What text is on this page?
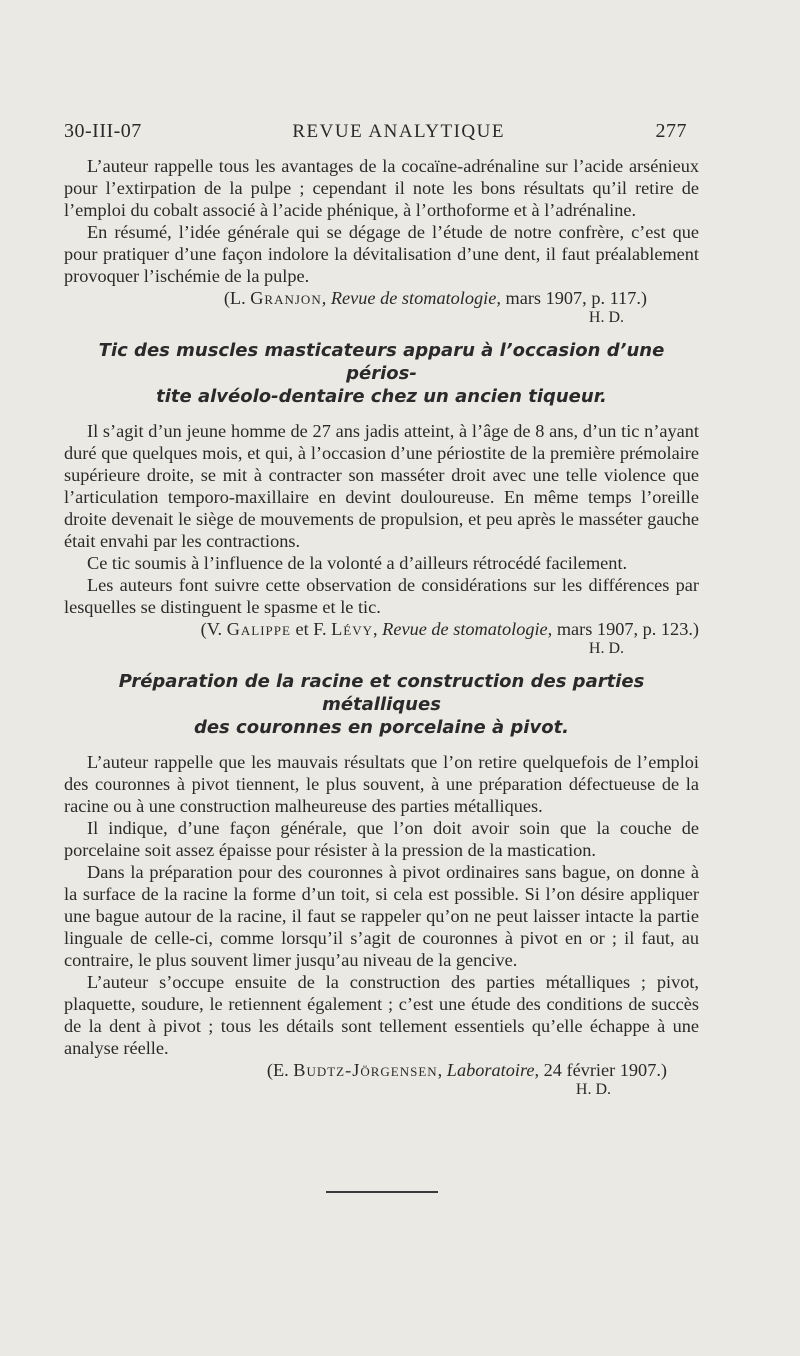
30-III-07	REVUE ANALYTIQUE	277

L’auteur rappelle tous les avantages de la cocaïne-adrénaline sur l’acide arsénieux pour l’extirpation de la pulpe ; cependant il note les bons résultats qu’il retire de l’emploi du cobalt associé à l’acide phénique, à l’orthoforme et à l’adrénaline.

En résumé, l’idée générale qui se dégage de l’étude de notre confrère, c’est que pour pratiquer d’une façon indolore la dévitalisation d’une dent, il faut préalablement provoquer l’ischémie de la pulpe.

(L. Granjon, Revue de stomatologie, mars 1907, p. 117.)
H. D.
Tic des muscles masticateurs apparu à l’occasion d’une périos-
tite alvéolo-dentaire chez un ancien tiqueur.

Il s’agit d’un jeune homme de 27 ans jadis atteint, à l’âge de 8 ans, d’un tic n’ayant duré que quelques mois, et qui, à l’occasion d’une périostite de la première prémolaire supérieure droite, se mit à contracter son masséter droit avec une telle violence que l’articulation temporo-maxillaire en devint douloureuse. En même temps l’oreille droite devenait le siège de mouvements de propulsion, et peu après le masséter gauche était envahi par les contractions.

Ce tic soumis à l’influence de la volonté a d’ailleurs rétrocédé facilement.

Les auteurs font suivre cette observation de considérations sur les différences par lesquelles se distinguent le spasme et le tic.

(V. Galippe et F. Lévy, Revue de stomatologie, mars 1907, p. 123.)
H. D.
Préparation de la racine et construction des parties métalliques
des couronnes en porcelaine à pivot.

L’auteur rappelle que les mauvais résultats que l’on retire quelquefois de l’emploi des couronnes à pivot tiennent, le plus souvent, à une préparation défectueuse de la racine ou à une construction malheureuse des parties métalliques.

Il indique, d’une façon générale, que l’on doit avoir soin que la couche de porcelaine soit assez épaisse pour résister à la pression de la mastication.

Dans la préparation pour des couronnes à pivot ordinaires sans bague, on donne à la surface de la racine la forme d’un toit, si cela est possible. Si l’on désire appliquer une bague autour de la racine, il faut se rappeler qu’on ne peut laisser intacte la partie linguale de celle-ci, comme lorsqu’il s’agit de couronnes à pivot en or ; il faut, au contraire, le plus souvent limer jusqu’au niveau de la gencive.

L’auteur s’occupe ensuite de la construction des parties métalliques ; pivot, plaquette, soudure, le retiennent également ; c’est une étude des conditions de succès de la dent à pivot ; tous les détails sont tellement essentiels qu’elle échappe à une analyse réelle.

(E. Budtz-Jörgensen, Laboratoire, 24 février 1907.)
H. D.
